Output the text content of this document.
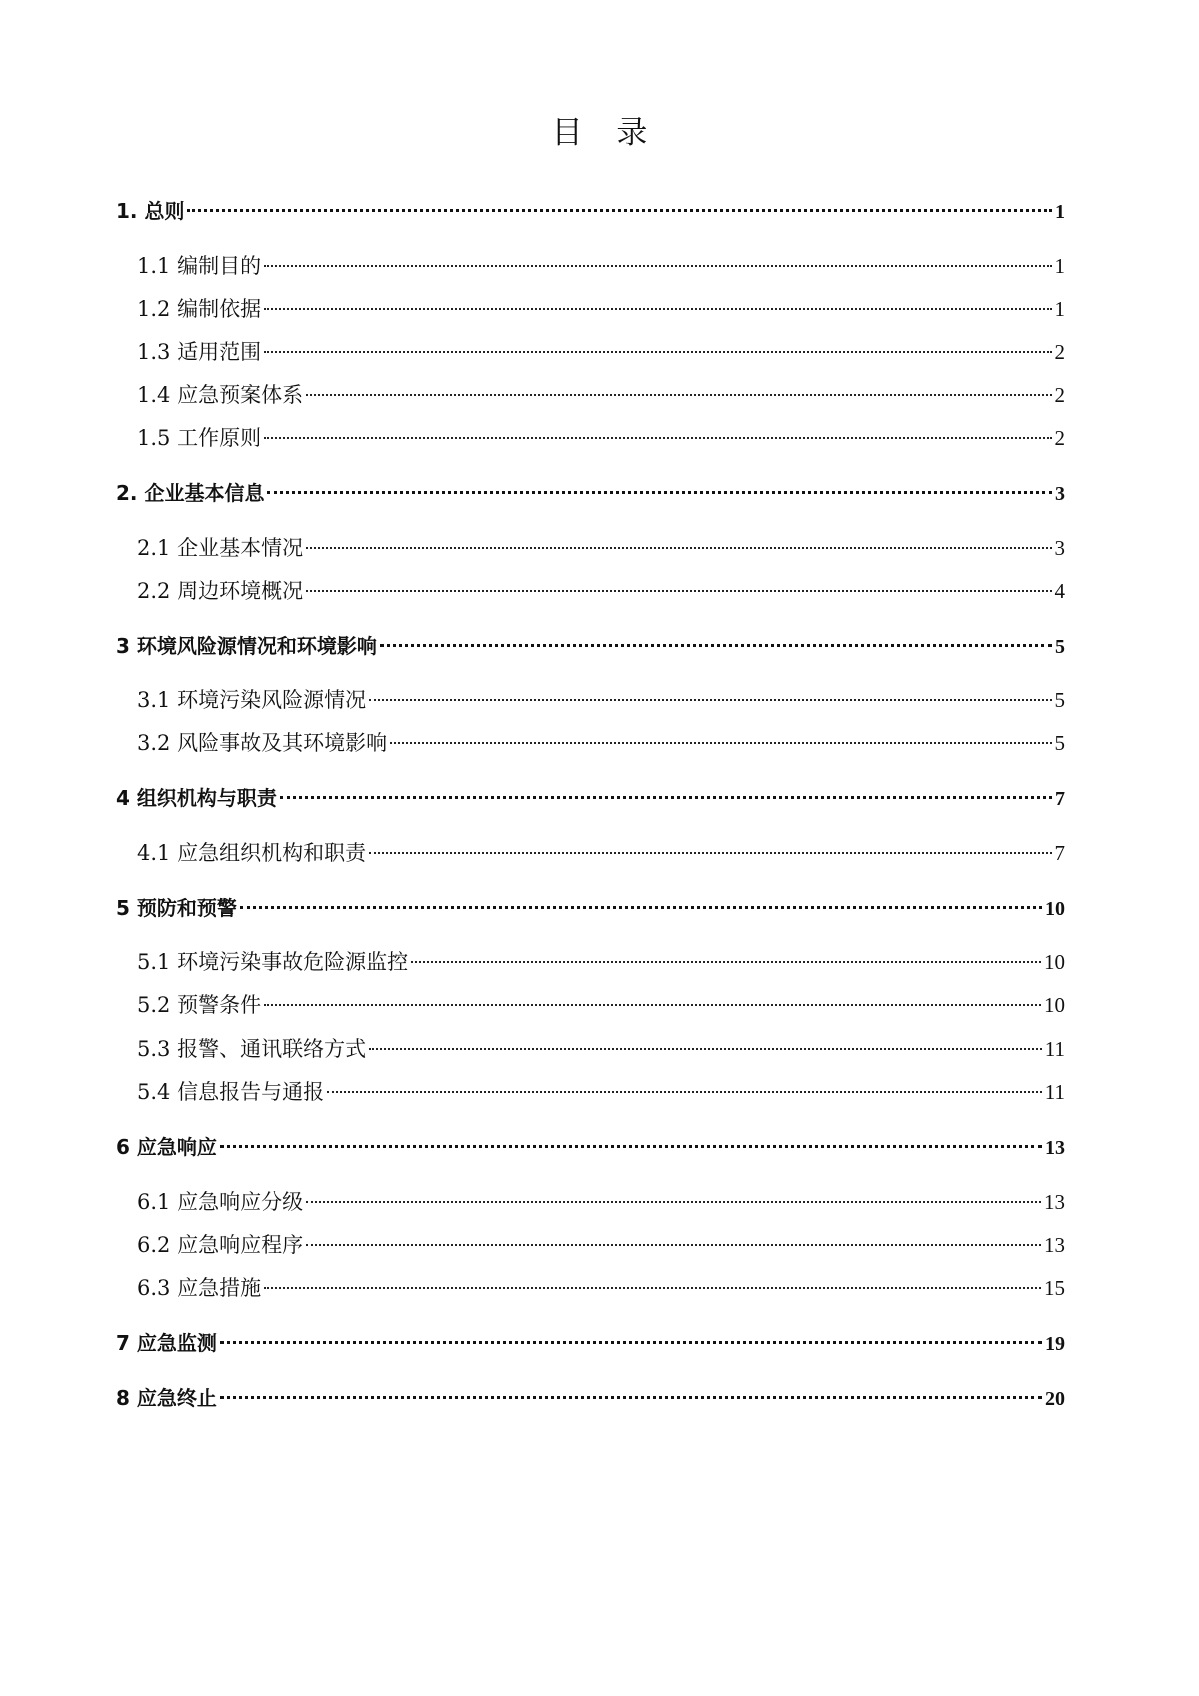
目 录
1. 总则	1
1.1 编制目的	1
1.2 编制依据	1
1.3 适用范围	2
1.4 应急预案体系	2
1.5 工作原则	2
2. 企业基本信息	3
2.1 企业基本情况	3
2.2 周边环境概况	4
3 环境风险源情况和环境影响	5
3.1 环境污染风险源情况	5
3.2 风险事故及其环境影响	5
4 组织机构与职责	7
4.1 应急组织机构和职责	7
5 预防和预警	10
5.1 环境污染事故危险源监控	10
5.2 预警条件	10
5.3 报警、通讯联络方式	11
5.4 信息报告与通报	11
6 应急响应	13
6.1 应急响应分级	13
6.2 应急响应程序	13
6.3 应急措施	15
7 应急监测	19
8 应急终止	20
